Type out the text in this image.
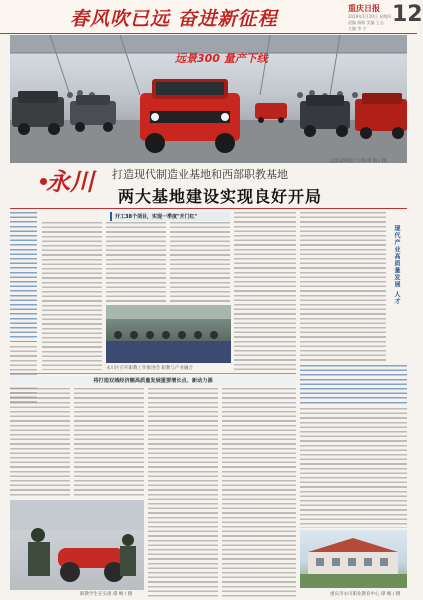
春风吹已远 奋进新征程	重庆日报
2019年1月10日 星期四
责编 杨敏 美编 王志
主编 李 宁
12
远景300 量产下线
远景300量产下线 谭 畅 / 摄
永川 打造现代制造业基地和西部职教基地
两大基地建设实现良好开局
开工38个项目，实现一季度"开门红"
永川区召开职教工作推进会 职教与产业融合
现代产业高质量发展 人才
将打造双城经济圈高质量发展重要增长点、新动力源
职教学生在实训 谭 畅 / 摄	重庆市永川职业教育中心 谭 畅 / 摄
